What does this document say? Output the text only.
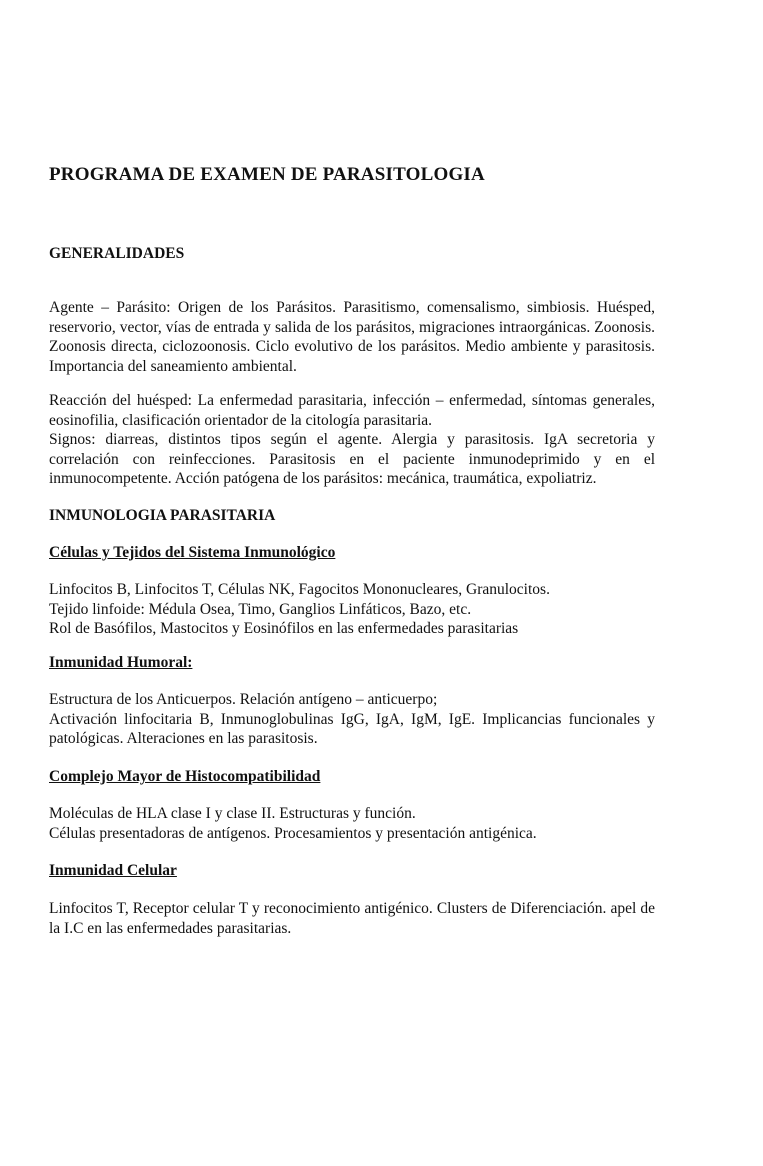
PROGRAMA DE EXAMEN DE PARASITOLOGIA
GENERALIDADES

Agente – Parásito: Origen de los Parásitos. Parasitismo, comensalismo, simbiosis. Huésped, reservorio, vector, vías de entrada y salida de los parásitos, migraciones intraorgánicas. Zoonosis. Zoonosis directa, ciclozoonosis. Ciclo evolutivo de los parásitos. Medio ambiente y parasitosis. Importancia del saneamiento ambiental.

Reacción del huésped: La enfermedad parasitaria, infección – enfermedad, síntomas generales, eosinofilia, clasificación orientador de la citología parasitaria.

Signos: diarreas, distintos tipos según el agente. Alergia y parasitosis. IgA secretoria y correlación con reinfecciones. Parasitosis en el paciente inmunodeprimido y en el inmunocompetente. Acción patógena de los parásitos: mecánica, traumática, expoliatriz.

INMUNOLOGIA PARASITARIA
Células y Tejidos del Sistema Inmunológico

Linfocitos B, Linfocitos T, Células NK, Fagocitos Mononucleares, Granulocitos.

Tejido linfoide: Médula Osea, Timo, Ganglios Linfáticos, Bazo, etc.

Rol de Basófilos, Mastocitos y Eosinófilos en las enfermedades parasitarias

Inmunidad Humoral:

Estructura de los Anticuerpos. Relación antígeno – anticuerpo;

Activación linfocitaria B, Inmunoglobulinas IgG, IgA, IgM, IgE. Implicancias funcionales y patológicas. Alteraciones en las parasitosis.

Complejo Mayor de Histocompatibilidad

Moléculas de HLA clase I y clase II. Estructuras y función.

Células presentadoras de antígenos. Procesamientos y presentación antigénica.

Inmunidad Celular

Linfocitos T, Receptor celular T y reconocimiento antigénico. Clusters de Diferenciación. apel de la I.C en las enfermedades parasitarias.
